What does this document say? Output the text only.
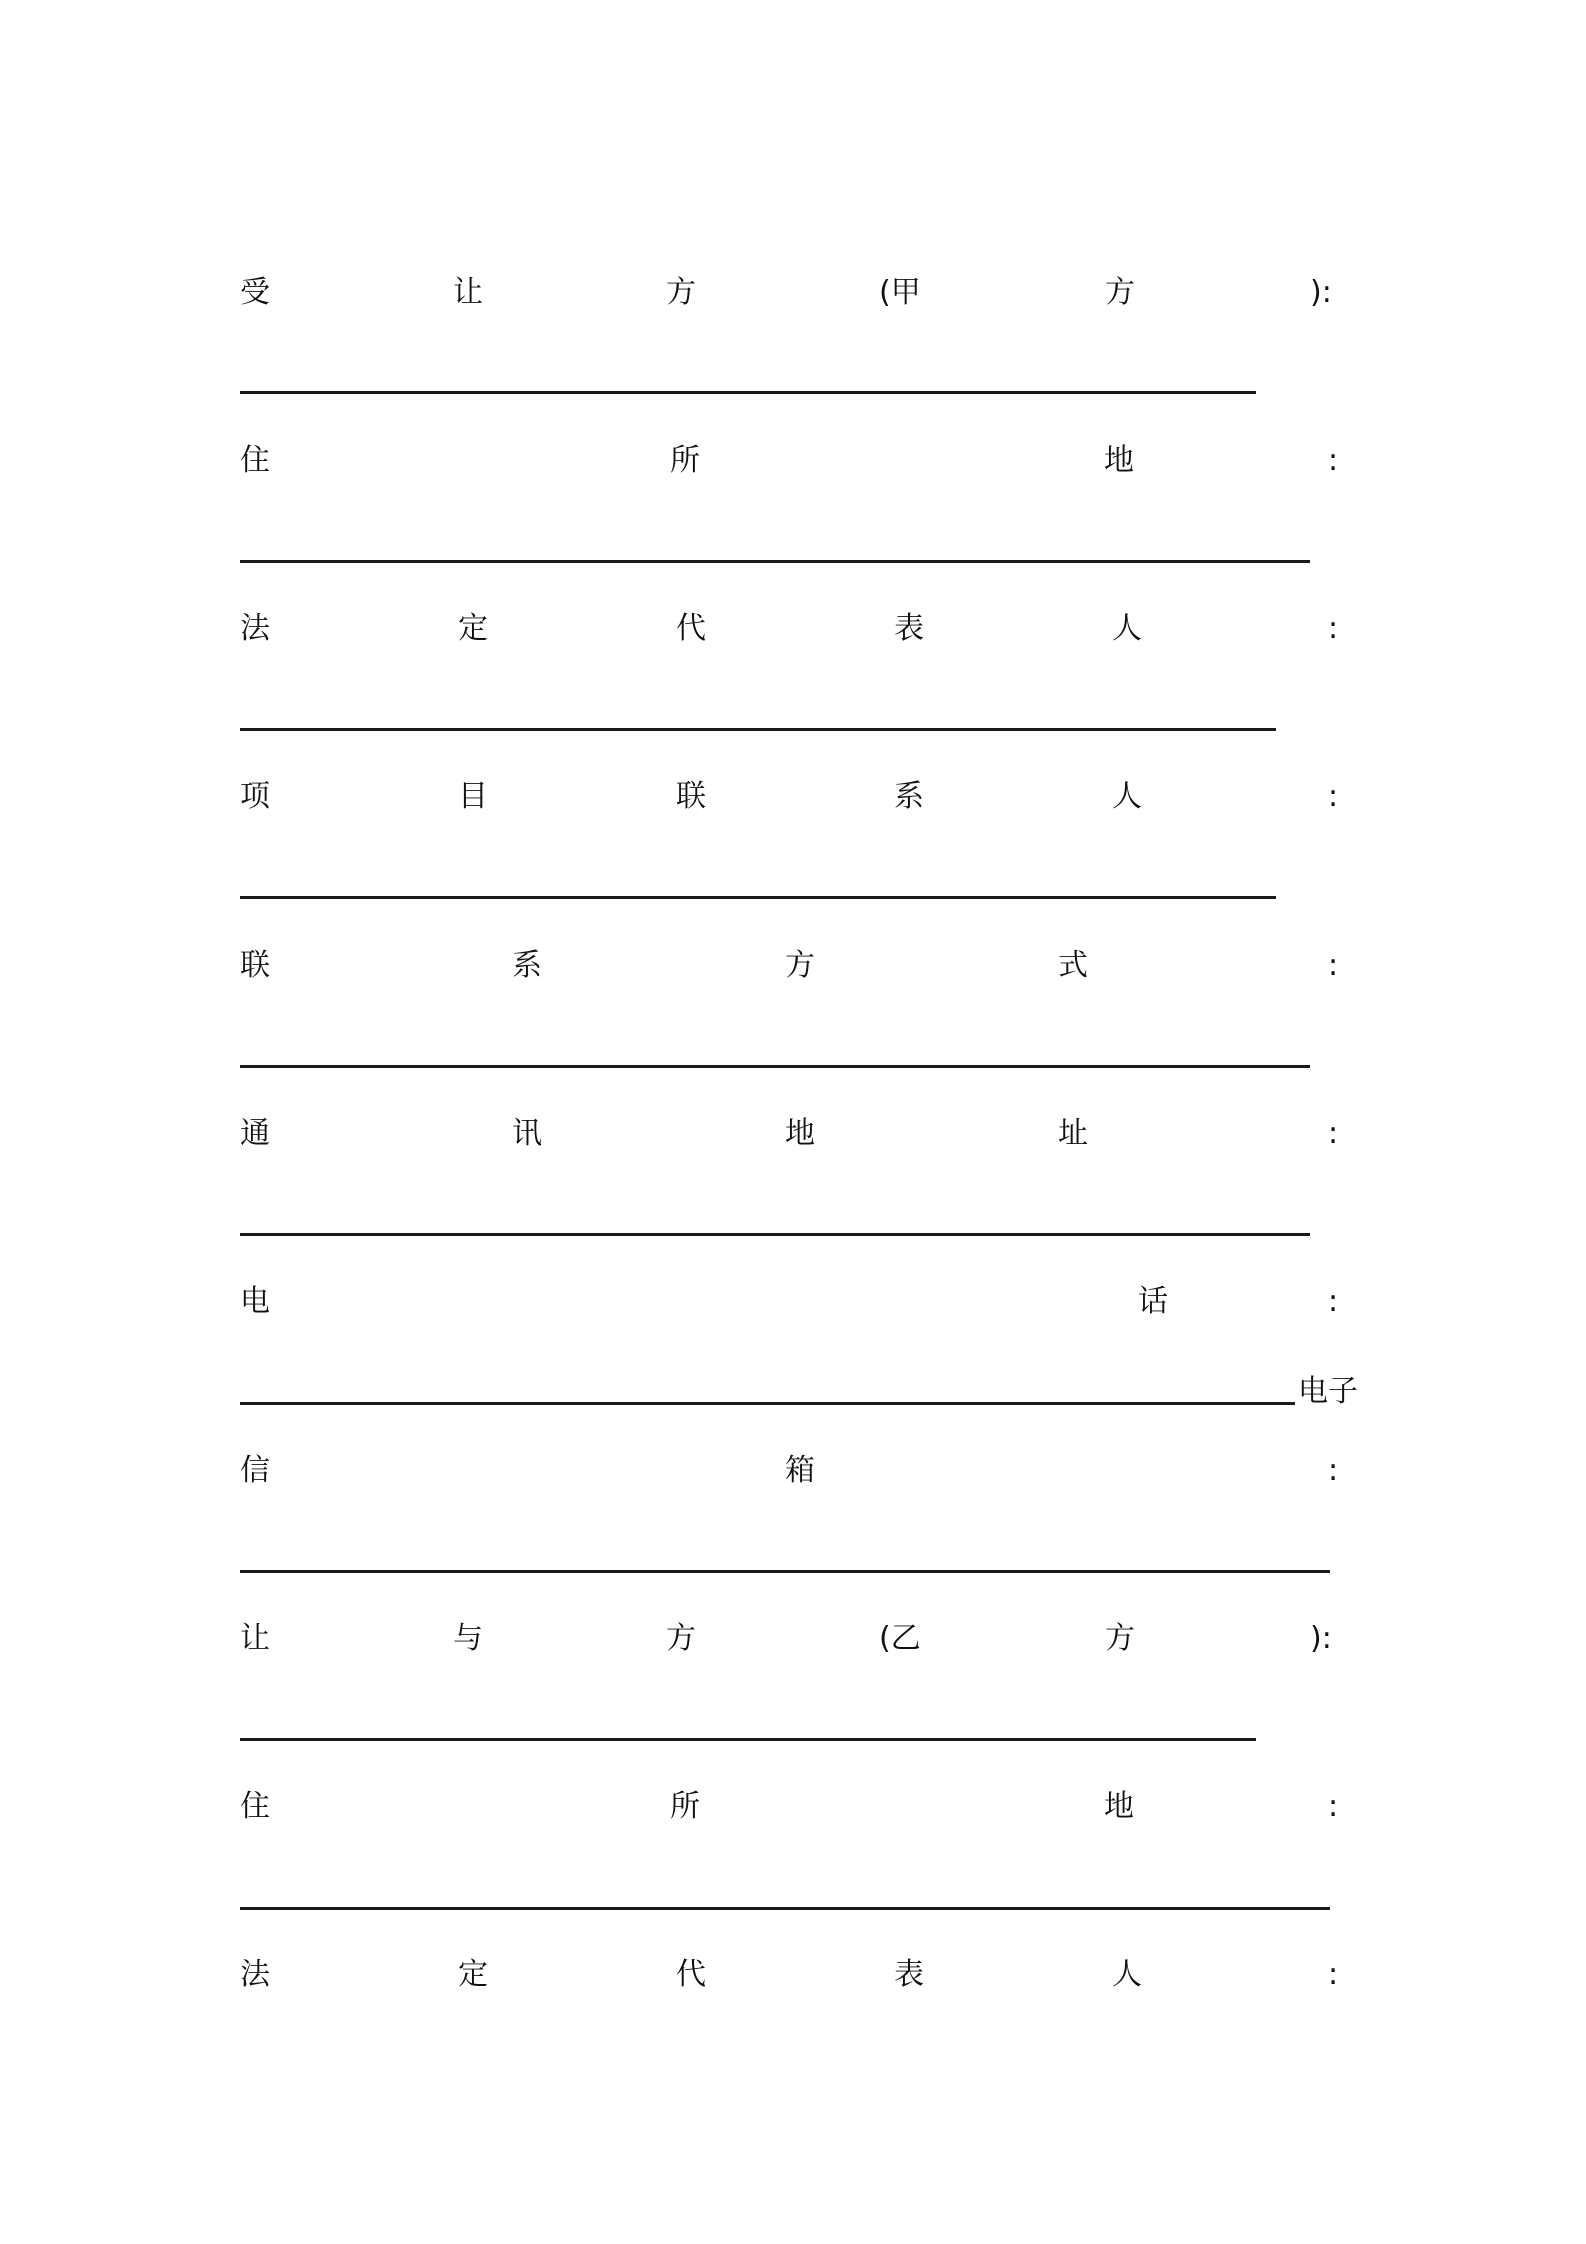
受	让	方	(甲	方	):
住	所	地	:
法	定	代	表	人	:
项	目	联	系	人	:
联	系	方	式	:
通	讯	地	址	:
电	话	:
电子
信	箱	:
让	与	方	(乙	方	):
住	所	地	:
法	定	代	表	人	:
